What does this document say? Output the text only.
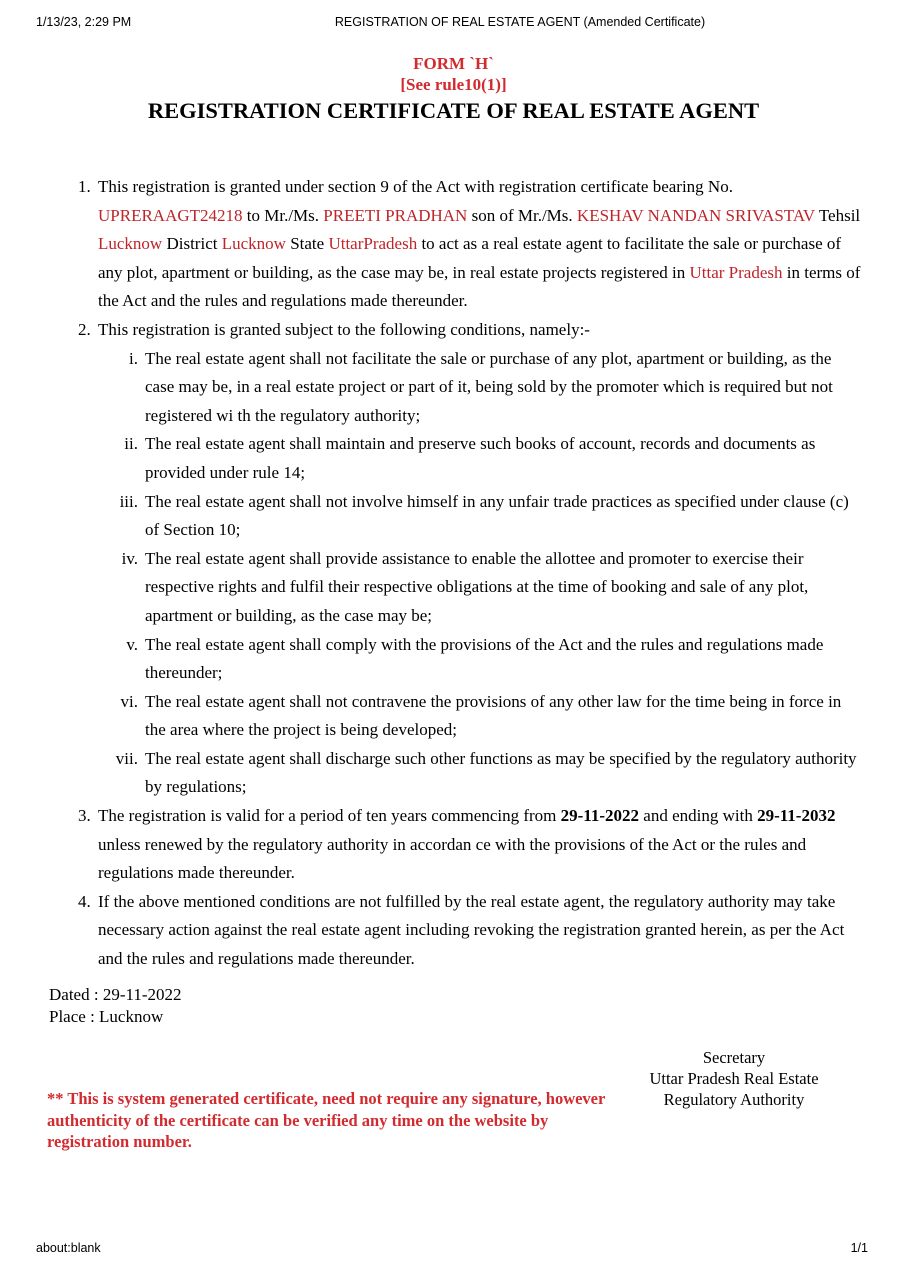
1/13/23, 2:29 PM	REGISTRATION OF REAL ESTATE AGENT (Amended Certificate)
FORM `H`
[See rule10(1)]
REGISTRATION CERTIFICATE OF REAL ESTATE AGENT
1. This registration is granted under section 9 of the Act with registration certificate bearing No. UPRERAAGT24218 to Mr./Ms. PREETI PRADHAN son of Mr./Ms. KESHAV NANDAN SRIVASTAV Tehsil Lucknow District Lucknow State UttarPradesh to act as a real estate agent to facilitate the sale or purchase of any plot, apartment or building, as the case may be, in real estate projects registered in Uttar Pradesh in terms of the Act and the rules and regulations made thereunder.
2. This registration is granted subject to the following conditions, namely:-
i. The real estate agent shall not facilitate the sale or purchase of any plot, apartment or building, as the case may be, in a real estate project or part of it, being sold by the promoter which is required but not registered wi th the regulatory authority;
ii. The real estate agent shall maintain and preserve such books of account, records and documents as provided under rule 14;
iii. The real estate agent shall not involve himself in any unfair trade practices as specified under clause (c) of Section 10;
iv. The real estate agent shall provide assistance to enable the allottee and promoter to exercise their respective rights and fulfil their respective obligations at the time of booking and sale of any plot, apartment or building, as the case may be;
v. The real estate agent shall comply with the provisions of the Act and the rules and regulations made thereunder;
vi. The real estate agent shall not contravene the provisions of any other law for the time being in force in the area where the project is being developed;
vii. The real estate agent shall discharge such other functions as may be specified by the regulatory authority by regulations;
3. The registration is valid for a period of ten years commencing from 29-11-2022 and ending with 29-11-2032 unless renewed by the regulatory authority in accordan ce with the provisions of the Act or the rules and regulations made thereunder.
4. If the above mentioned conditions are not fulfilled by the real estate agent, the regulatory authority may take necessary action against the real estate agent including revoking the registration granted herein, as per the Act and the rules and regulations made thereunder.
Dated : 29-11-2022
Place : Lucknow
Secretary
Uttar Pradesh Real Estate
Regulatory Authority
** This is system generated certificate, need not require any signature, however authenticity of the certificate can be verified any time on the website by registration number.
about:blank	1/1
